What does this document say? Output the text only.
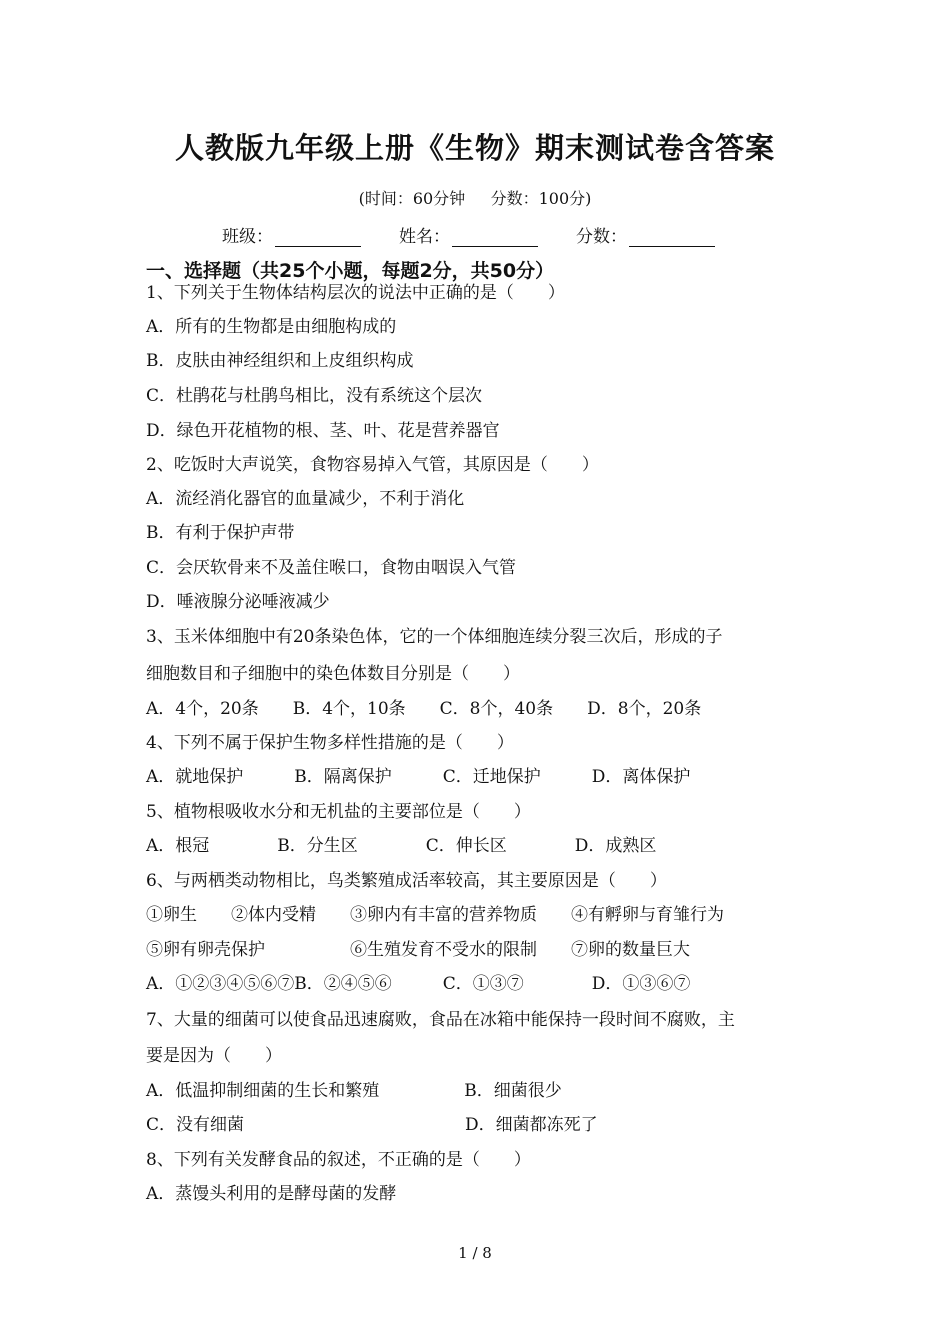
人教版九年级上册《生物》期末测试卷含答案
(时间：60分钟     分数：100分)
班级：	姓名：	分数：
一、选择题（共25个小题，每题2分，共50分）
1、下列关于生物体结构层次的说法中正确的是（　　）
A．所有的生物都是由细胞构成的
B．皮肤由神经组织和上皮组织构成
C．杜鹃花与杜鹃鸟相比，没有系统这个层次
D．绿色开花植物的根、茎、叶、花是营养器官
2、吃饭时大声说笑，食物容易掉入气管，其原因是（　　）
A．流经消化器官的血量减少，不利于消化
B．有利于保护声带
C．会厌软骨来不及盖住喉口，食物由咽误入气管
D．唾液腺分泌唾液减少
3、玉米体细胞中有20条染色体，它的一个体细胞连续分裂三次后，形成的子
细胞数目和子细胞中的染色体数目分别是（　　）
A．4个，20条　　B．4个，10条　　C．8个，40条　　D．8个，20条
4、下列不属于保护生物多样性措施的是（　　）
A．就地保护　　　B．隔离保护　　　C．迁地保护　　　D．离体保护
5、植物根吸收水分和无机盐的主要部位是（　　）
A．根冠　　　　B．分生区　　　　C．伸长区　　　　D．成熟区
6、与两栖类动物相比，鸟类繁殖成活率较高，其主要原因是（　　）
①卵生　　②体内受精　　③卵内有丰富的营养物质　　④有孵卵与育雏行为
⑤卵有卵壳保护　　　　　⑥生殖发育不受水的限制　　⑦卵的数量巨大
A．①②③④⑤⑥⑦B．②④⑤⑥　　　C．①③⑦　　　　D．①③⑥⑦
7、大量的细菌可以使食品迅速腐败，食品在冰箱中能保持一段时间不腐败，主
要是因为（　　）
A．低温抑制细菌的生长和繁殖　　　　　B．细菌很少
C．没有细菌　　　　　　　　　　　　　D．细菌都冻死了
8、下列有关发酵食品的叙述，不正确的是（　　）
A．蒸馒头利用的是酵母菌的发酵
1 / 8
